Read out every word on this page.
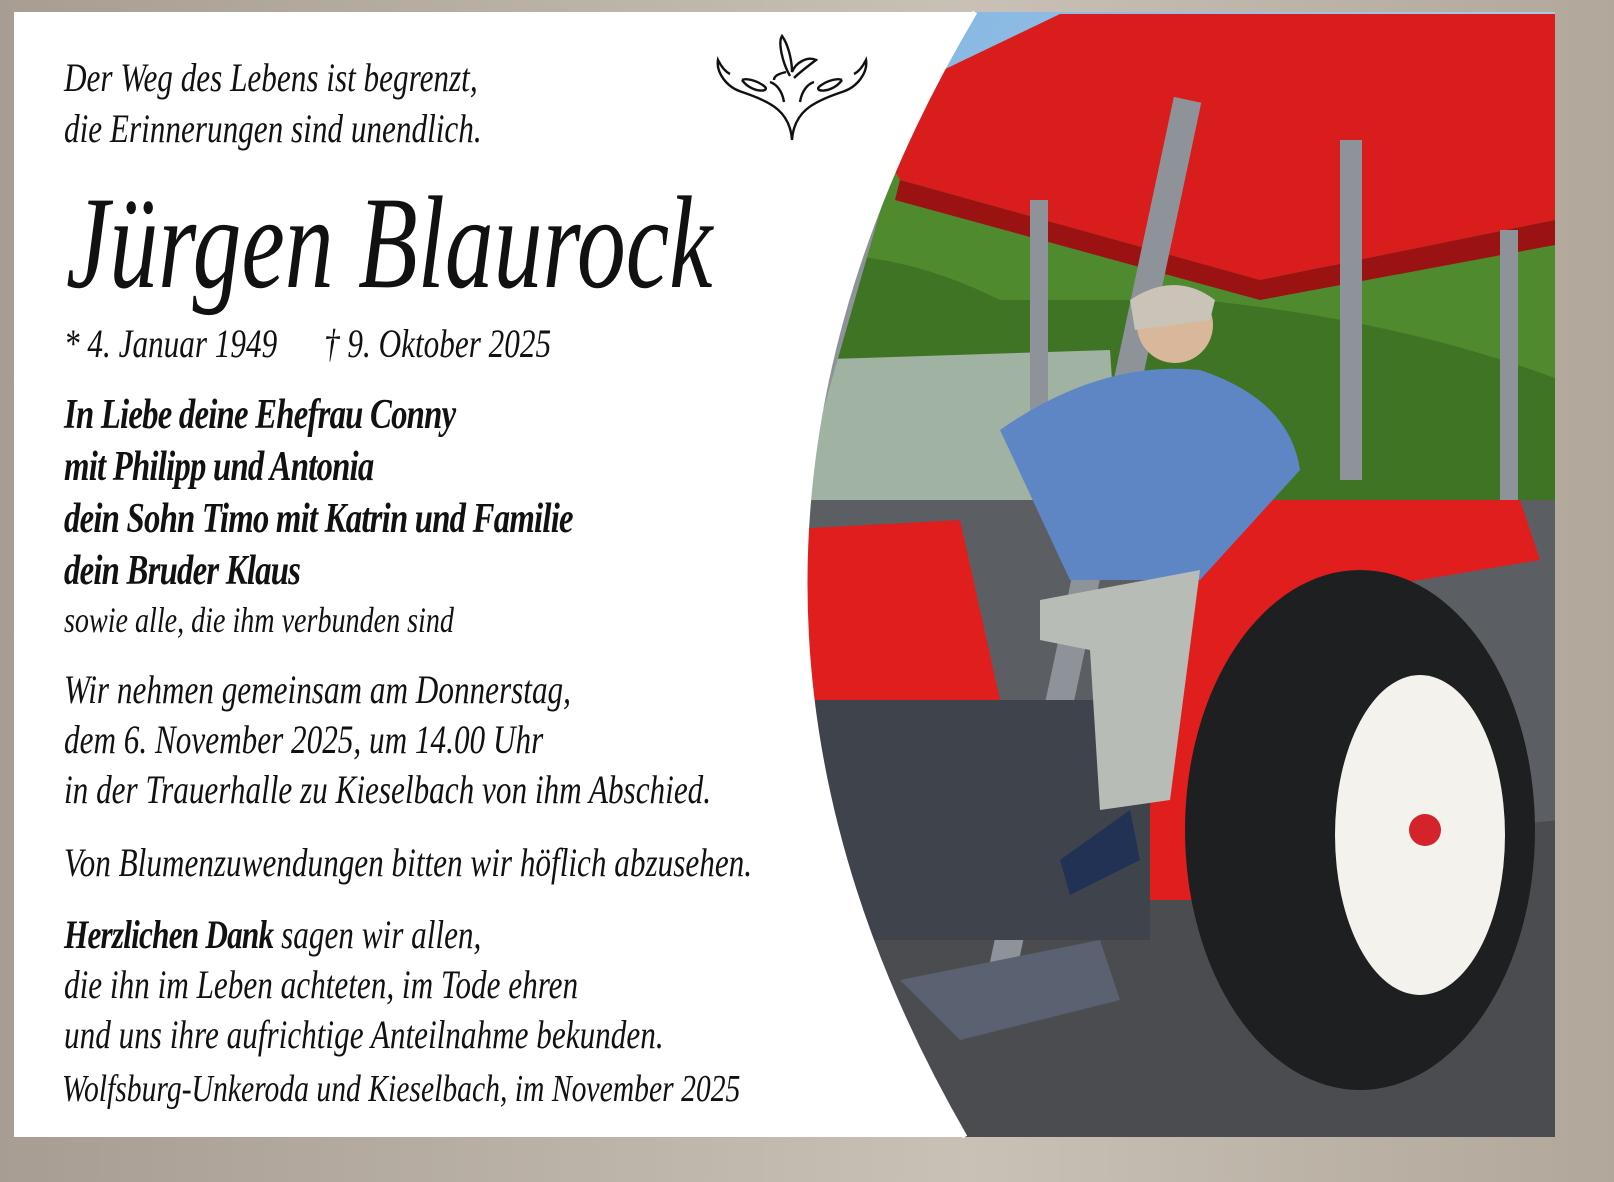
Der Weg des Lebens ist begrenzt,
die Erinnerungen sind unendlich.
Jürgen Blaurock
* 4. Januar 1949 † 9. Oktober 2025
In Liebe deine Ehefrau Conny
mit Philipp und Antonia
dein Sohn Timo mit Katrin und Familie
dein Bruder Klaus
sowie alle, die ihm verbunden sind
Wir nehmen gemeinsam am Donnerstag,
dem 6. November 2025, um 14.00 Uhr
in der Trauerhalle zu Kieselbach von ihm Abschied.
Von Blumenzuwendungen bitten wir höflich abzusehen.
Herzlichen Dank sagen wir allen,
die ihn im Leben achteten, im Tode ehren
und uns ihre aufrichtige Anteilnahme bekunden.
Wolfsburg-Unkeroda und Kieselbach, im November 2025
